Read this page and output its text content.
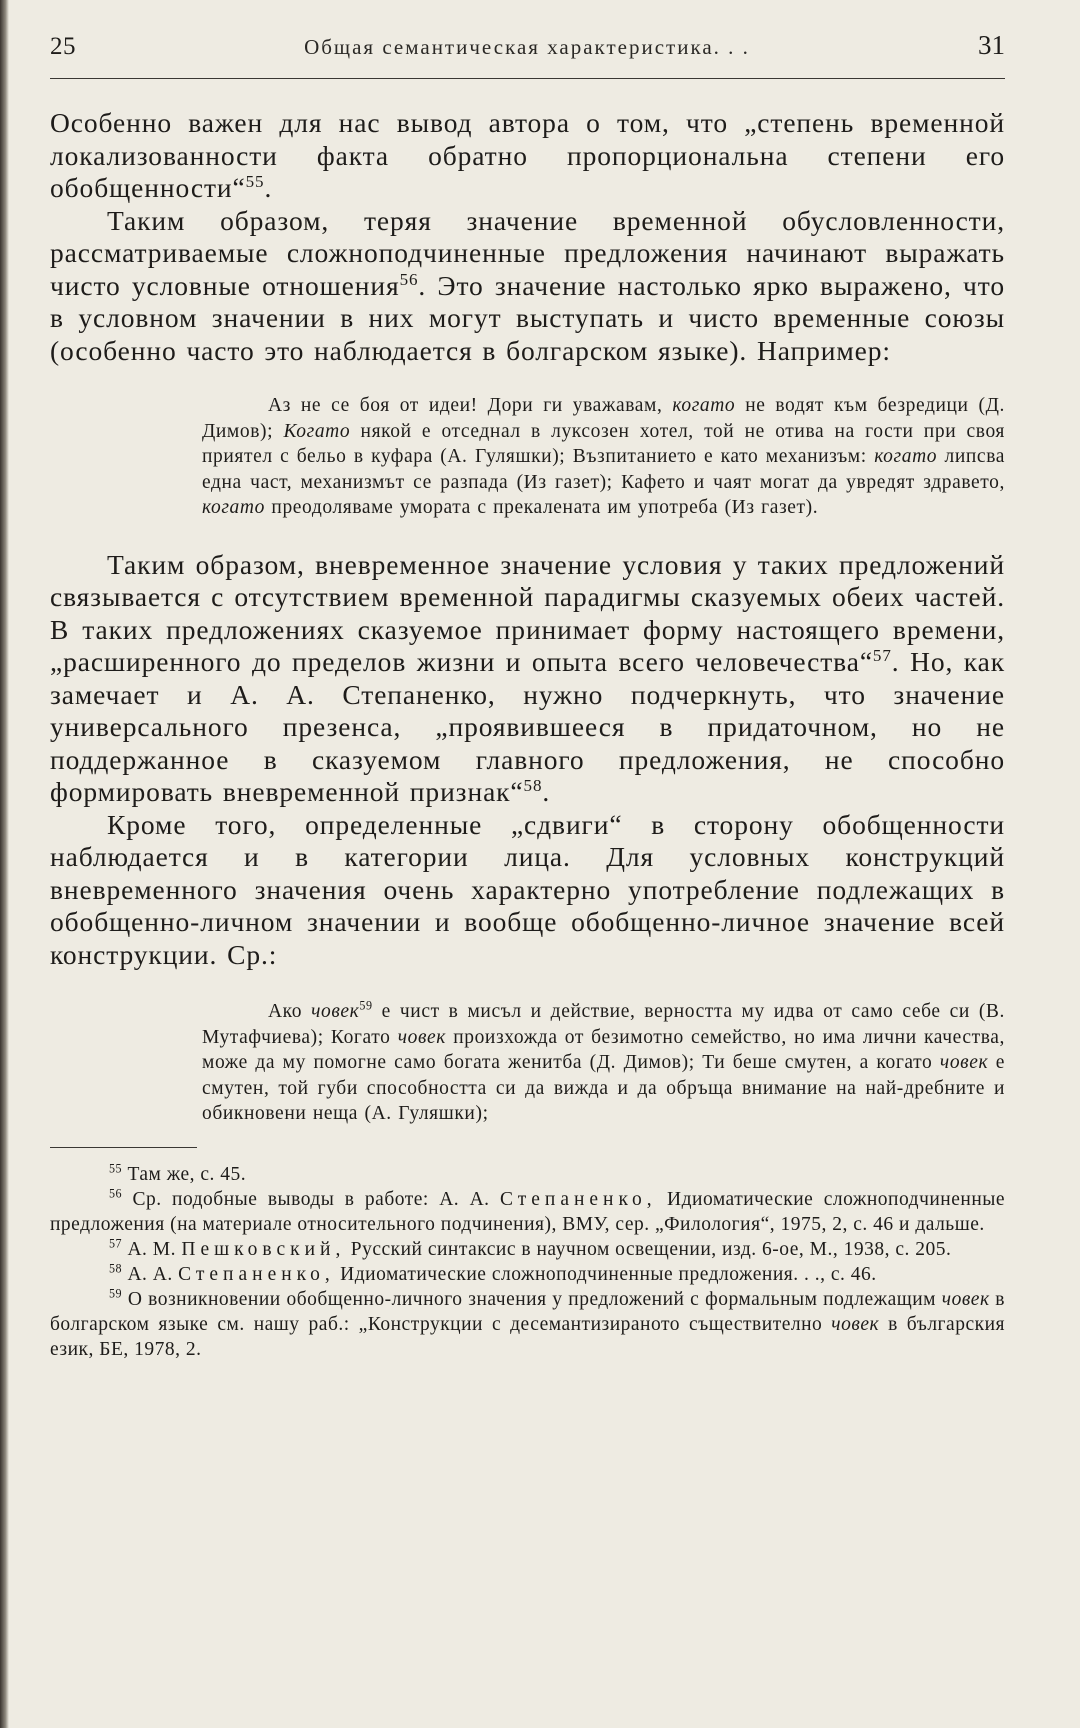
25	Общая семантическая характеристика. . .	31

Особенно важен для нас вывод автора о том, что „степень временной локализованности факта обратно пропорциональна степени его обобщенности“$^{55}$.

Таким образом, теряя значение временной обусловленности, рассматриваемые сложноподчиненные предложения начинают выражать чисто условные отношения$^{56}$. Это значение настолько ярко выражено, что в условном значении в них могут выступать и чисто временные союзы (особенно часто это наблюдается в болгарском языке). Например:

Аз не се боя от идеи! Дори ги уважавам, когато не водят към безредици (Д. Димов); Когато някой е отседнал в луксозен хотел, той не отива на гости при своя приятел с бельо в куфара (А. Гуляшки); Възпитанието е като механизъм: когато липсва една част, механизмът се разпада (Из газет); Кафето и чаят могат да увредят здравето, когато преодоляваме умората с прекалената им употреба (Из газет).

Таким образом, вневременное значение условия у таких предложений связывается с отсутствием временной парадигмы сказуемых обеих частей. В таких предложениях сказуемое принимает форму настоящего времени, „расширенного до пределов жизни и опыта всего человечества“$^{57}$. Но, как замечает и А. А. Степаненко, нужно подчеркнуть, что значение универсального презенса, „проявившееся в придаточном, но не поддержанное в сказуемом главного предложения, не способно формировать вневременной признак“$^{58}$.

Кроме того, определенные „сдвиги“ в сторону обобщенности наблюдается и в категории лица. Для условных конструкций вневременного значения очень характерно употребление подлежащих в обобщенно-личном значении и вообще обобщенно-личное значение всей конструкции. Ср.:

Ако човек$^{59}$ е чист в мисъл и действие, верността му идва от само себе си (В. Мутафчиева); Когато човек произхожда от безимотно семейство, но има лични качества, може да му помогне само богата женитба (Д. Димов); Ти беше смутен, а когато човек е смутен, той губи способността си да вижда и да обръща внимание на най-дребните и обикновени неща (А. Гуляшки);

$^{55}$ Там же, с. 45.

$^{56}$ Ср. подобные выводы в работе: А. А. Степаненко, Идиоматические сложноподчиненные предложения (на материале относительного подчинения), ВМУ, сер. „Филология“, 1975, 2, с. 46 и дальше.

$^{57}$ А. М. Пешковский, Русский синтаксис в научном освещении, изд. 6-ое, М., 1938, с. 205.

$^{58}$ А. А. Степаненко, Идиоматические сложноподчиненные предложения. . ., с. 46.

$^{59}$ О возникновении обобщенно-личного значения у предложений с формальным подлежащим човек в болгарском языке см. нашу раб.: „Конструкции с десемантизираното съществително човек в българския език, БЕ, 1978, 2.
